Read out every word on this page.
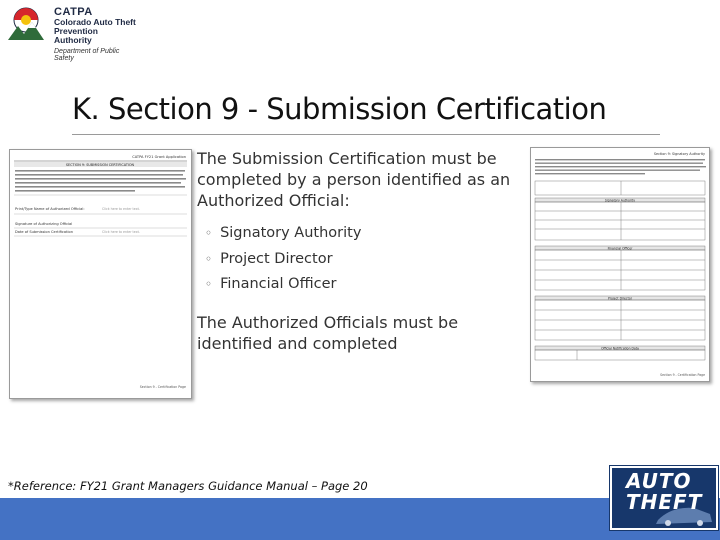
CATPA
Colorado Auto Theft
Prevention Authority
Department of Public Safety
K. Section 9 - Submission Certification
CATPA FY21 Grant Application
SECTION 9: SUBMISSION CERTIFICATION
Print/Type Name of Authorized Official:	Click here to enter text.
Signature of Authorizing Official
Date of Submission Certification	Click here to enter text.
Section 9 - Certification Page

The Submission Certification must be completed by a person identified as an Authorized Official:

◦ Signatory Authority
◦ Project Director
◦ Financial Officer

The Authorized Officials must be identified and completed

Section 9: Signatory Authority
Signatory Authority
Financial Officer
Project Director
Official Notification Data
Section 9 - Certification Page
*Reference: FY21 Grant Managers Guidance Manual – Page 20	AUTO
THEFT
